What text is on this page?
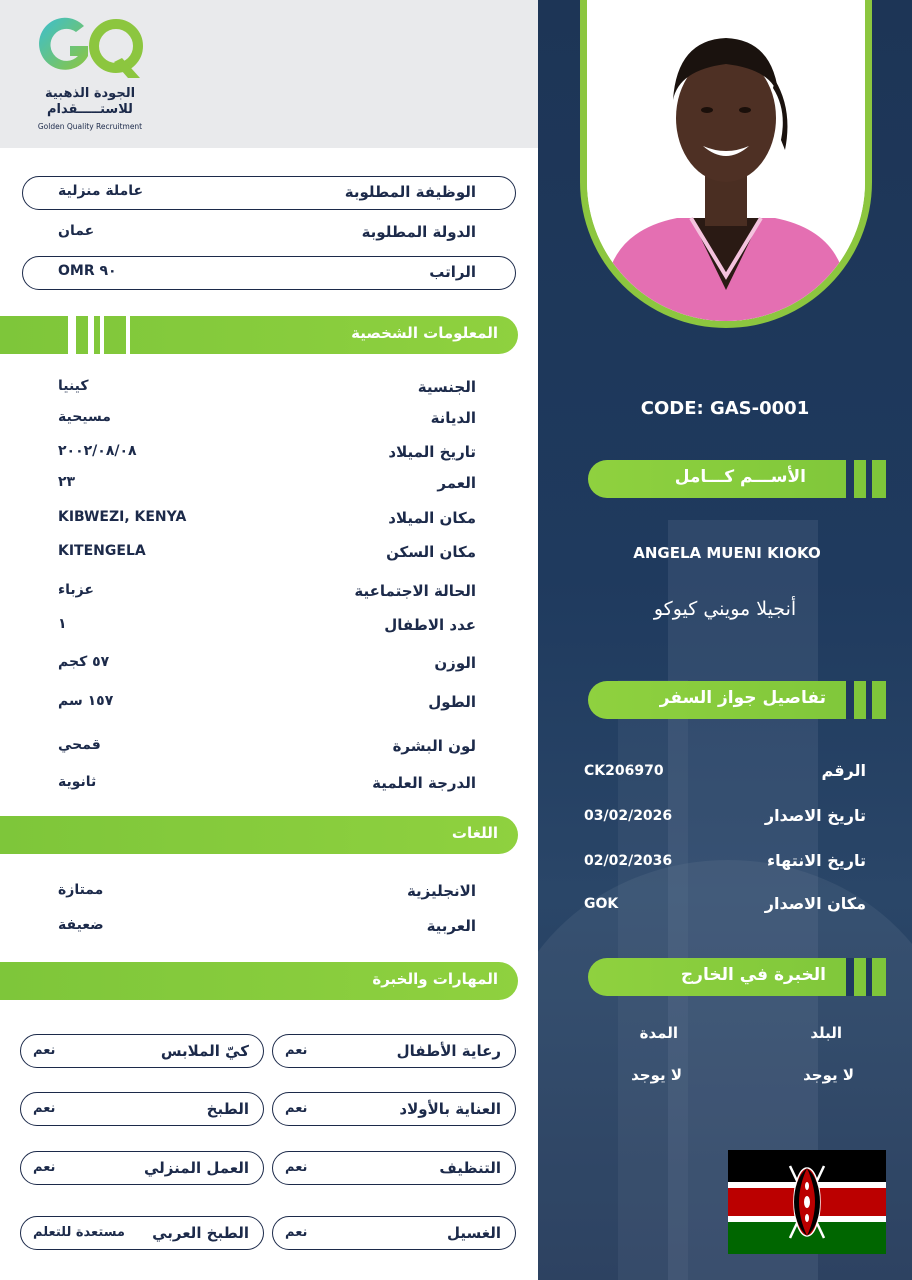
الجودة الذهبية
للاستـــــقدام
Golden Quality Recruitment
الوظيفة المطلوبة
عاملة منزلية
الدولة المطلوبة
عمان
الراتب
OMR ٩٠
المعلومات الشخصية
الجنسية
كينيا
الديانة
مسيحية
تاريخ الميلاد
٢٠٠٢/٠٨/٠٨
العمر
٢٣
مكان الميلاد
KIBWEZI, KENYA
مكان السكن
KITENGELA
الحالة الاجتماعية
عزباء
عدد الاطفال
١
الوزن
٥٧ كجم
الطول
١٥٧ سم
لون البشرة
قمحي
الدرجة العلمية
ثانوية
اللغات
الانجليزية
ممتازة
العربية
ضعيفة
المهارات والخبرة
رعاية الأطفال
نعم
كيّ الملابس
نعم
العناية بالأولاد
نعم
الطبخ
نعم
التنظيف
نعم
العمل المنزلي
نعم
الغسيل
نعم
الطبخ العربي
مستعدة للتعلم
CODE: GAS-0001
الأســـم كـــامل
ANGELA MUENI KIOKO
أنجيلا مويني كيوكو
تفاصيل جواز السفر
الرقم
CK206970
تاريخ الاصدار
03/02/2026
تاريخ الانتهاء
02/02/2036
مكان الاصدار
GOK
الخبرة في الخارج
البلد
المدة
لا يوجد
لا يوجد
